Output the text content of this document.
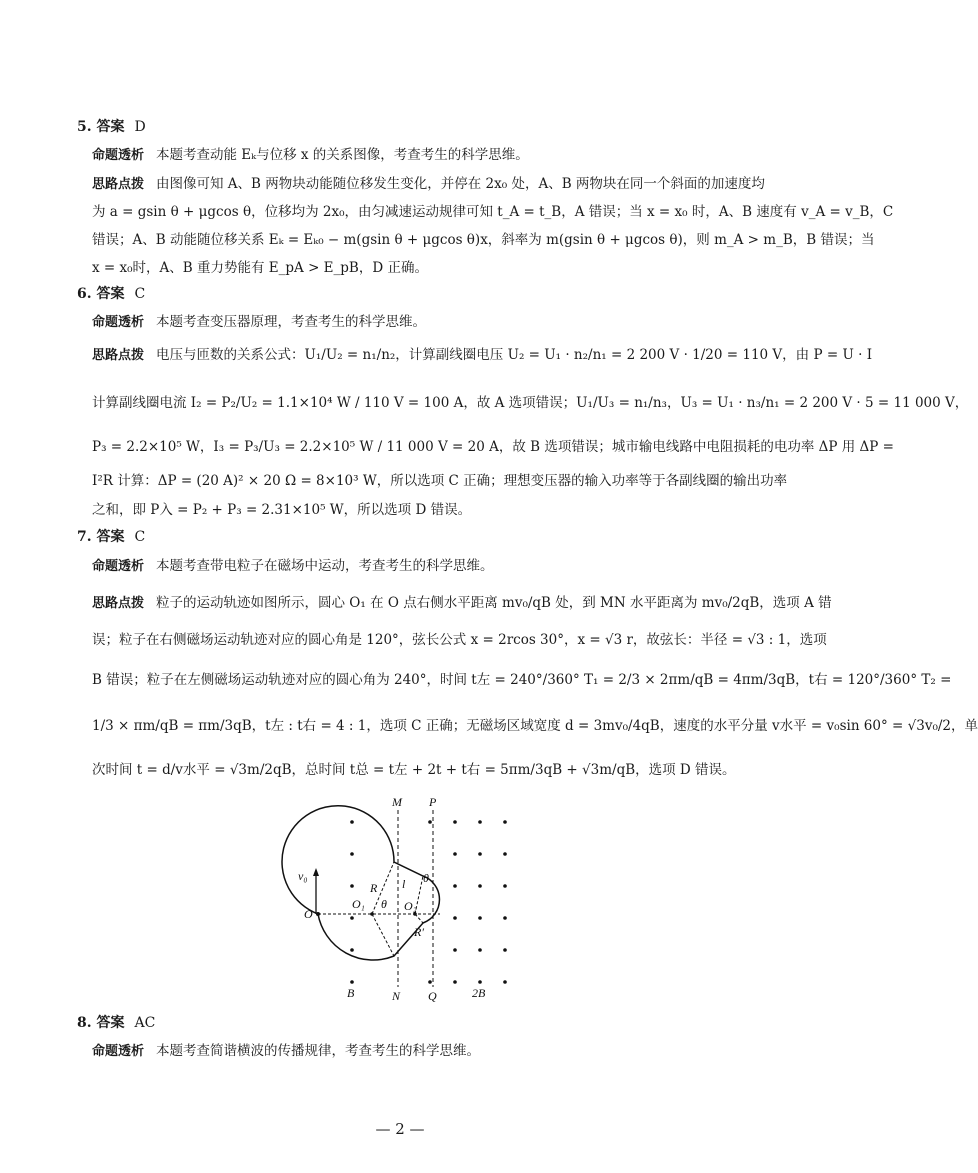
5. 答案 D
命题透析 本题考查动能 Eₖ与位移 x 的关系图像，考查考生的科学思维。
思路点拨 由图像可知 A、B 两物块动能随位移发生变化，并停在 2x₀ 处，A、B 两物块在同一个斜面的加速度均
为 a = gsin θ + μgcos θ，位移均为 2x₀，由匀减速运动规律可知 t_A = t_B，A 错误；当 x = x₀ 时，A、B 速度有 v_A = v_B，C
错误；A、B 动能随位移关系 Eₖ = Eₖ₀ − m(gsin θ + μgcos θ)x，斜率为 m(gsin θ + μgcos θ)，则 m_A > m_B，B 错误；当
x = x₀时，A、B 重力势能有 E_pA > E_pB，D 正确。
6. 答案 C
命题透析 本题考查变压器原理，考查考生的科学思维。
思路点拨 电压与匝数的关系公式：U₁/U₂ = n₁/n₂，计算副线圈电压 U₂ = U₁ · n₂/n₁ = 2 200 V · 1/20 = 110 V，由 P = U · I
计算副线圈电流 I₂ = P₂/U₂ = 1.1×10⁴ W / 110 V = 100 A，故 A 选项错误；U₁/U₃ = n₁/n₃，U₃ = U₁ · n₃/n₁ = 2 200 V · 5 = 11 000 V，
P₃ = 2.2×10⁵ W，I₃ = P₃/U₃ = 2.2×10⁵ W / 11 000 V = 20 A，故 B 选项错误；城市输电线路中电阻损耗的电功率 ΔP 用 ΔP =
I²R 计算：ΔP = (20 A)² × 20 Ω = 8×10³ W，所以选项 C 正确；理想变压器的输入功率等于各副线圈的输出功率
之和，即 P入 = P₂ + P₃ = 2.31×10⁵ W，所以选项 D 错误。
7. 答案 C
命题透析 本题考查带电粒子在磁场中运动，考查考生的科学思维。
思路点拨 粒子的运动轨迹如图所示，圆心 O₁ 在 O 点右侧水平距离 mv₀/qB 处，到 MN 水平距离为 mv₀/2qB，选项 A 错
误；粒子在右侧磁场运动轨迹对应的圆心角是 120°，弦长公式 x = 2rcos 30°，x = √3 r，故弦长：半径 = √3 : 1，选项
B 错误；粒子在左侧磁场运动轨迹对应的圆心角为 240°，时间 t左 = 240°/360° T₁ = 2/3 × 2πm/qB = 4πm/3qB，t右 = 120°/360° T₂ =
1/3 × πm/qB = πm/3qB，t左 : t右 = 4 : 1，选项 C 正确；无磁场区域宽度 d = 3mv₀/4qB，速度的水平分量 v水平 = v₀sin 60° = √3v₀/2，单
次时间 t = d/v水平 = √3m/2qB，总时间 t总 = t左 + 2t + t右 = 5πm/3qB + √3m/qB，选项 D 错误。
M P
N Q
B	2B
O
O₁	O₂
R
R′
l
θ
θ
v₀
8. 答案 AC
命题透析 本题考查简谐横波的传播规律，考查考生的科学思维。
— 2 —
